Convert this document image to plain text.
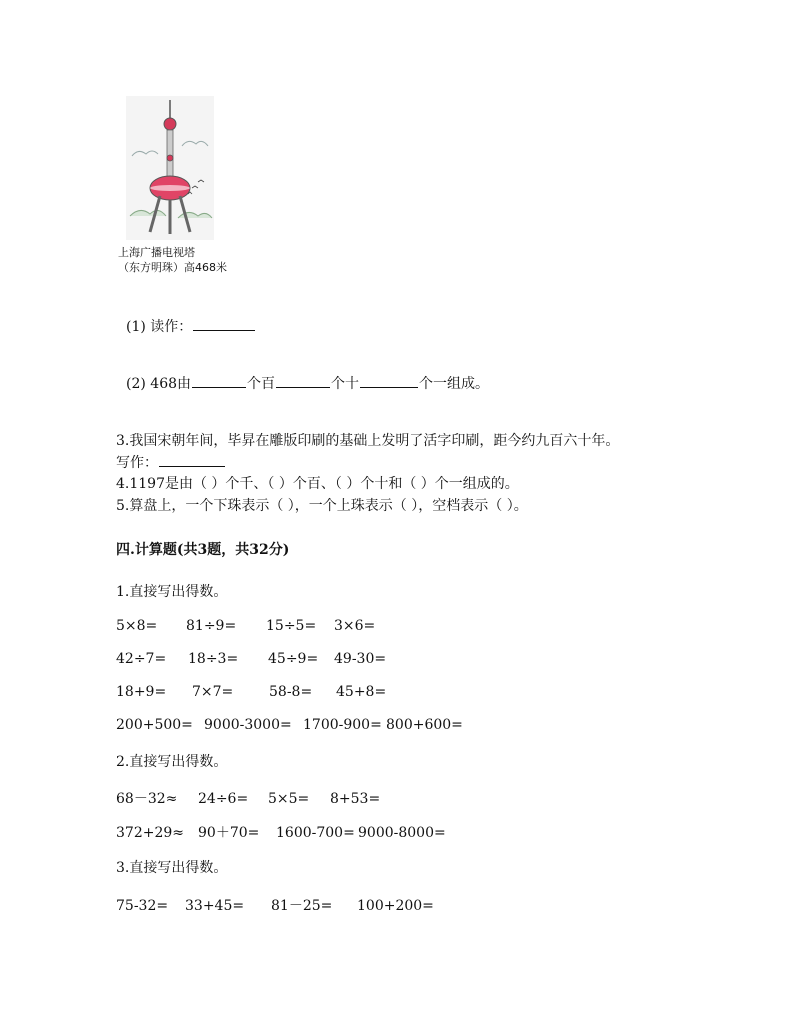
上海广播电视塔
（东方明珠）高468米
(1) 读作：
(2) 468由	个百	个十	个一组成。
3.我国宋朝年间，毕昇在雕版印刷的基础上发明了活字印刷，距今约九百六十年。
写作：
4.1197是由（ ）个千、（ ）个百、（ ）个十和（ ）个一组成的。
5.算盘上，一个下珠表示（ ），一个上珠表示（ ），空档表示（ ）。
四.计算题(共3题，共32分)
1.直接写出得数。
5×8= 81÷9= 15÷5= 3×6=
42÷7= 18÷3= 45÷9= 49-30=
18+9= 7×7=	58-8= 45+8=
200+500= 9000-3000= 1700-900= 800+600=
2.直接写出得数。
68－32≈ 24÷6= 5×5= 8+53=
372+29≈ 90＋70= 1600-700= 9000-8000=
3.直接写出得数。
75-32= 33+45= 81－25= 100+200=
